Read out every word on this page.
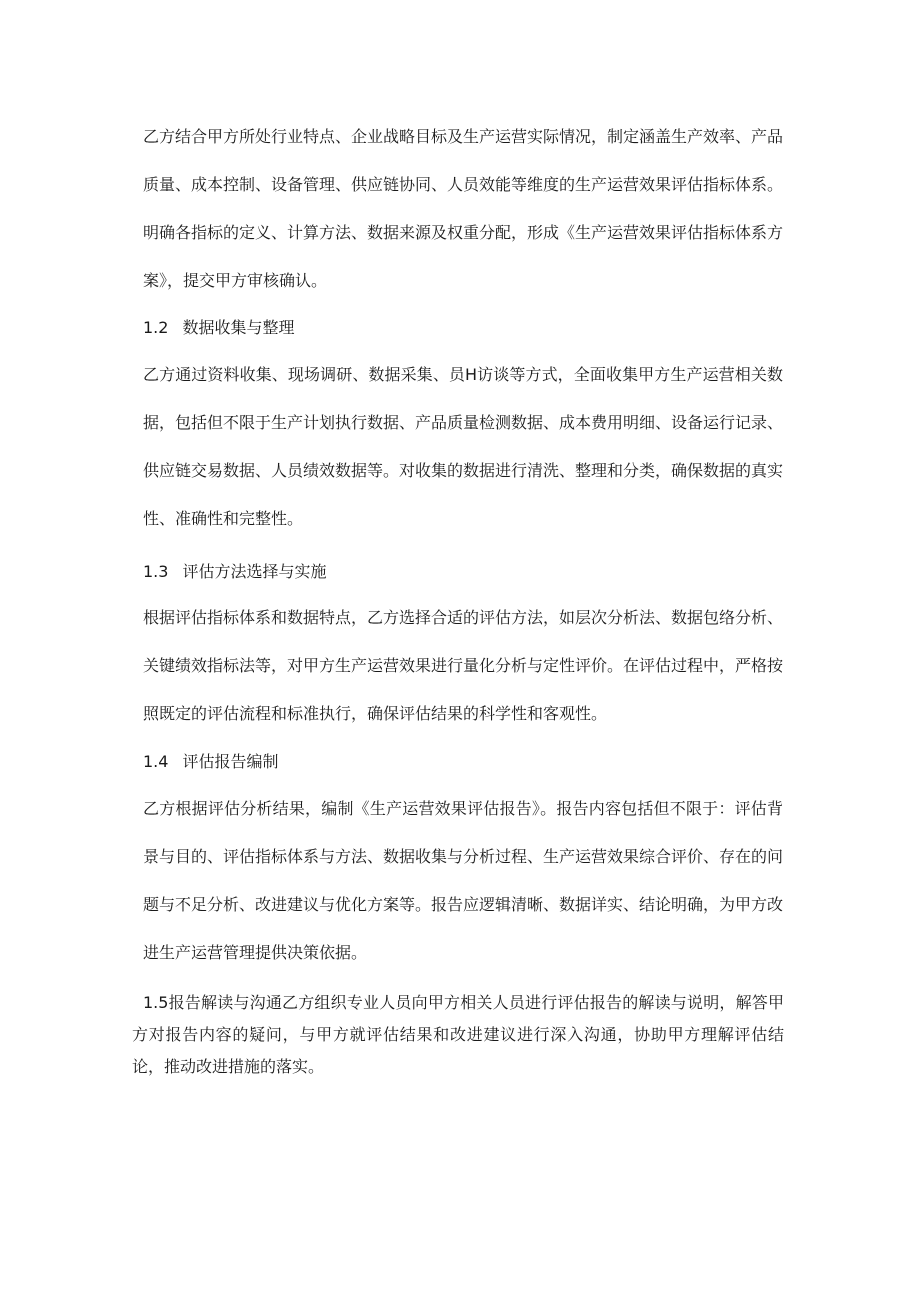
乙方结合甲方所处行业特点、企业战略目标及生产运营实际情况，制定涵盖生产效率、产品质量、成本控制、设备管理、供应链协同、人员效能等维度的生产运营效果评估指标体系。明确各指标的定义、计算方法、数据来源及权重分配，形成《生产运营效果评估指标体系方案》，提交甲方审核确认。

1.2 数据收集与整理

乙方通过资料收集、现场调研、数据采集、员H访谈等方式，全面收集甲方生产运营相关数据，包括但不限于生产计划执行数据、产品质量检测数据、成本费用明细、设备运行记录、供应链交易数据、人员绩效数据等。对收集的数据进行清洗、整理和分类，确保数据的真实性、准确性和完整性。

1.3 评估方法选择与实施

根据评估指标体系和数据特点，乙方选择合适的评估方法，如层次分析法、数据包络分析、关键绩效指标法等，对甲方生产运营效果进行量化分析与定性评价。在评估过程中，严格按照既定的评估流程和标准执行，确保评估结果的科学性和客观性。

1.4 评估报告编制

乙方根据评估分析结果，编制《生产运营效果评估报告》。报告内容包括但不限于：评估背景与目的、评估指标体系与方法、数据收集与分析过程、生产运营效果综合评价、存在的问题与不足分析、改进建议与优化方案等。报告应逻辑清晰、数据详实、结论明确，为甲方改进生产运营管理提供决策依据。

1.5报告解读与沟通乙方组织专业人员向甲方相关人员进行评估报告的解读与说明，解答甲方对报告内容的疑问，与甲方就评估结果和改进建议进行深入沟通，协助甲方理解评估结论，推动改进措施的落实。
